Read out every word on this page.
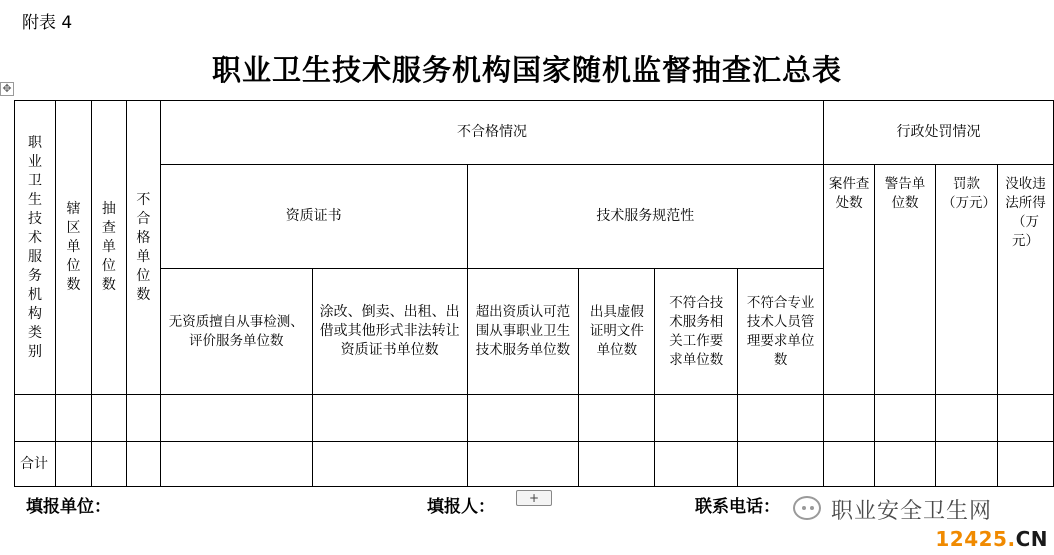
附表 4
职业卫生技术服务机构国家随机监督抽查汇总表
✥
职业卫生技术服务机构类别	辖区单位数	抽查单位数	不合格单位数	不合格情况						行政处罚情况			
				资质证书		技术服务规范性				案件查处数	警告单位数	罚款（万元）	没收违法所得（万元）

				无资质擅自从事检测、评价服务单位数	涂改、倒卖、出租、出借或其他形式非法转让资质证书单位数	超出资质认可范围从事职业卫生技术服务单位数	出具虚假证明文件单位数	不符合技术服务相关工作要求单位数	不符合专业技术人员管理要求单位数				

合计													
填报单位：	填报人：	+	联系电话： 职业安全卫生网
12425.CN
